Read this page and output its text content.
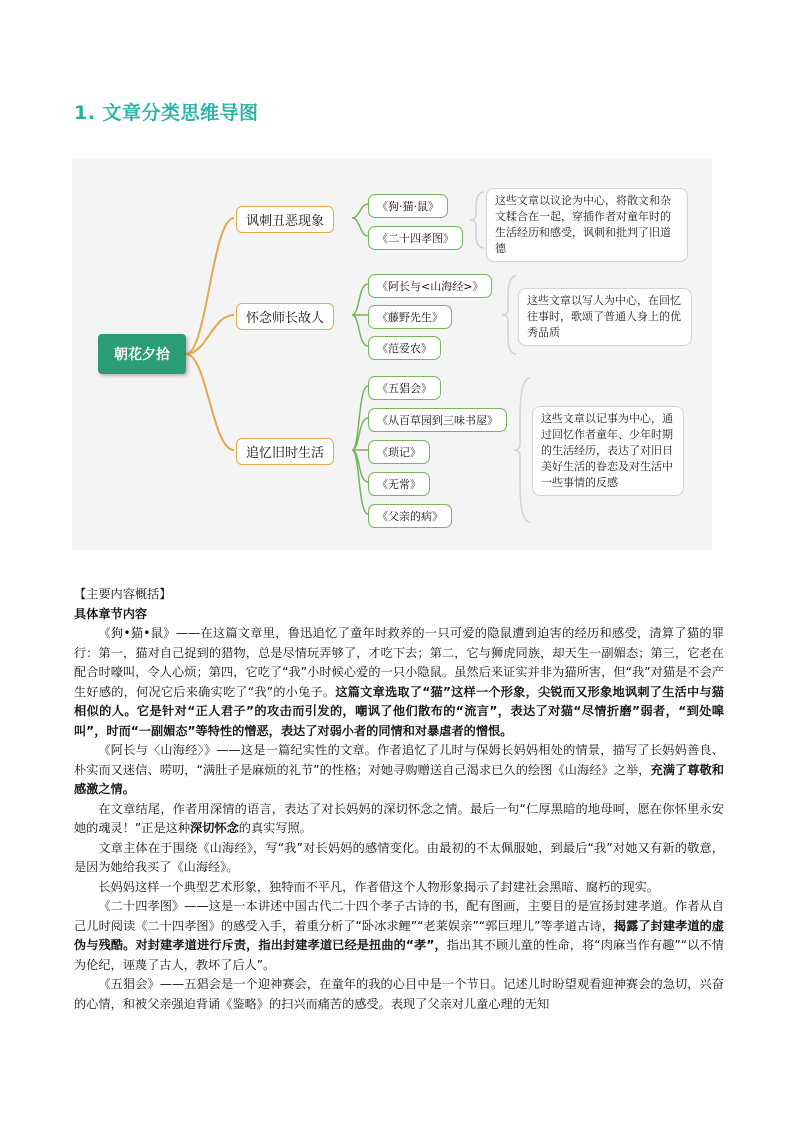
1. 文章分类思维导图
朝花夕拾
讽刺丑恶现象
怀念师长故人
追忆旧时生活
《狗·猫·鼠》
《二十四孝图》
《阿长与<山海经>》
《藤野先生》
《范爱农》
《五猖会》
《从百草园到三味书屋》
《琐记》
《无常》
《父亲的病》
这些文章以议论为中心，将散文和杂文糅合在一起，穿插作者对童年时的生活经历和感受，讽刺和批判了旧道德
这些文章以写人为中心，在回忆往事时，歌颂了普通人身上的优秀品质
这些文章以记事为中心，通过回忆作者童年、少年时期的生活经历，表达了对旧日美好生活的眷恋及对生活中一些事情的反感

【主要内容概括】

具体章节内容

《狗•猫•鼠》——在这篇文章里，鲁迅追忆了童年时救养的一只可爱的隐鼠遭到迫害的经历和感受，清算了猫的罪行：第一，猫对自己捉到的猎物，总是尽情玩弄够了，才吃下去；第二，它与狮虎同族，却天生一副媚态；第三，它老在配合时嚎叫，令人心烦；第四，它吃了“我”小时候心爱的一只小隐鼠。虽然后来证实并非为猫所害，但“我”对猫是不会产生好感的，何况它后来确实吃了“我”的小兔子。这篇文章选取了“猫”这样一个形象，尖锐而又形象地讽刺了生活中与猫相似的人。它是针对“正人君子”的攻击而引发的，嘲讽了他们散布的“流言”，表达了对猫“尽情折磨”弱者，“到处嗥叫”，时而“一副媚态”等特性的憎恶，表达了对弱小者的同情和对暴虐者的憎恨。

《阿长与〈山海经〉》——这是一篇纪实性的文章。作者追忆了儿时与保姆长妈妈相处的情景，描写了长妈妈善良、朴实而又迷信、唠叨，“满肚子是麻烦的礼节”的性格；对她寻购赠送自己渴求已久的绘图《山海经》之举，充满了尊敬和感激之情。

在文章结尾，作者用深情的语言，表达了对长妈妈的深切怀念之情。最后一句“仁厚黑暗的地母呵，愿在你怀里永安她的魂灵！”正是这种深切怀念的真实写照。

文章主体在于围绕《山海经》，写“我”对长妈妈的感情变化。由最初的不太佩服她，到最后“我”对她又有新的敬意，是因为她给我买了《山海经》。

长妈妈这样一个典型艺术形象，独特而不平凡，作者借这个人物形象揭示了封建社会黑暗、腐朽的现实。

《二十四孝图》——这是一本讲述中国古代二十四个孝子古诗的书，配有图画，主要目的是宣扬封建孝道。作者从自己儿时阅读《二十四孝图》的感受入手，着重分析了“卧冰求鲤”“老莱娱亲”“郭巨埋儿”等孝道古诗，揭露了封建孝道的虚伪与残酷。对封建孝道进行斥责，指出封建孝道已经是扭曲的“孝”，指出其不顾儿童的性命，将“肉麻当作有趣”“以不情为伦纪，诬蔑了古人，教坏了后人”。

《五猖会》——五猖会是一个迎神赛会，在童年的我的心目中是一个节日。记述儿时盼望观看迎神赛会的急切，兴奋的心情，和被父亲强迫背诵《鉴略》的扫兴而痛苦的感受。表现了父亲对儿童心理的无知
